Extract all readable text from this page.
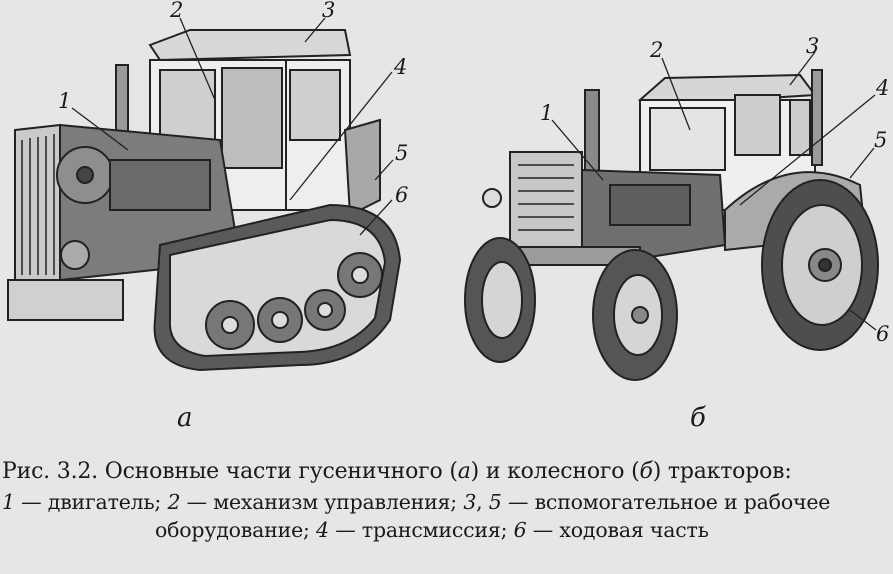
1
2	3
4
5
6
1
2	3
4
5
6
а	б
Рис. 3.2. Основные части гусеничного (а) и колесного (б) тракторов:
1 — двигатель; 2 — механизм управления; 3, 5 — вспомогательное и рабочее
оборудование; 4 — трансмиссия; 6 — ходовая часть
